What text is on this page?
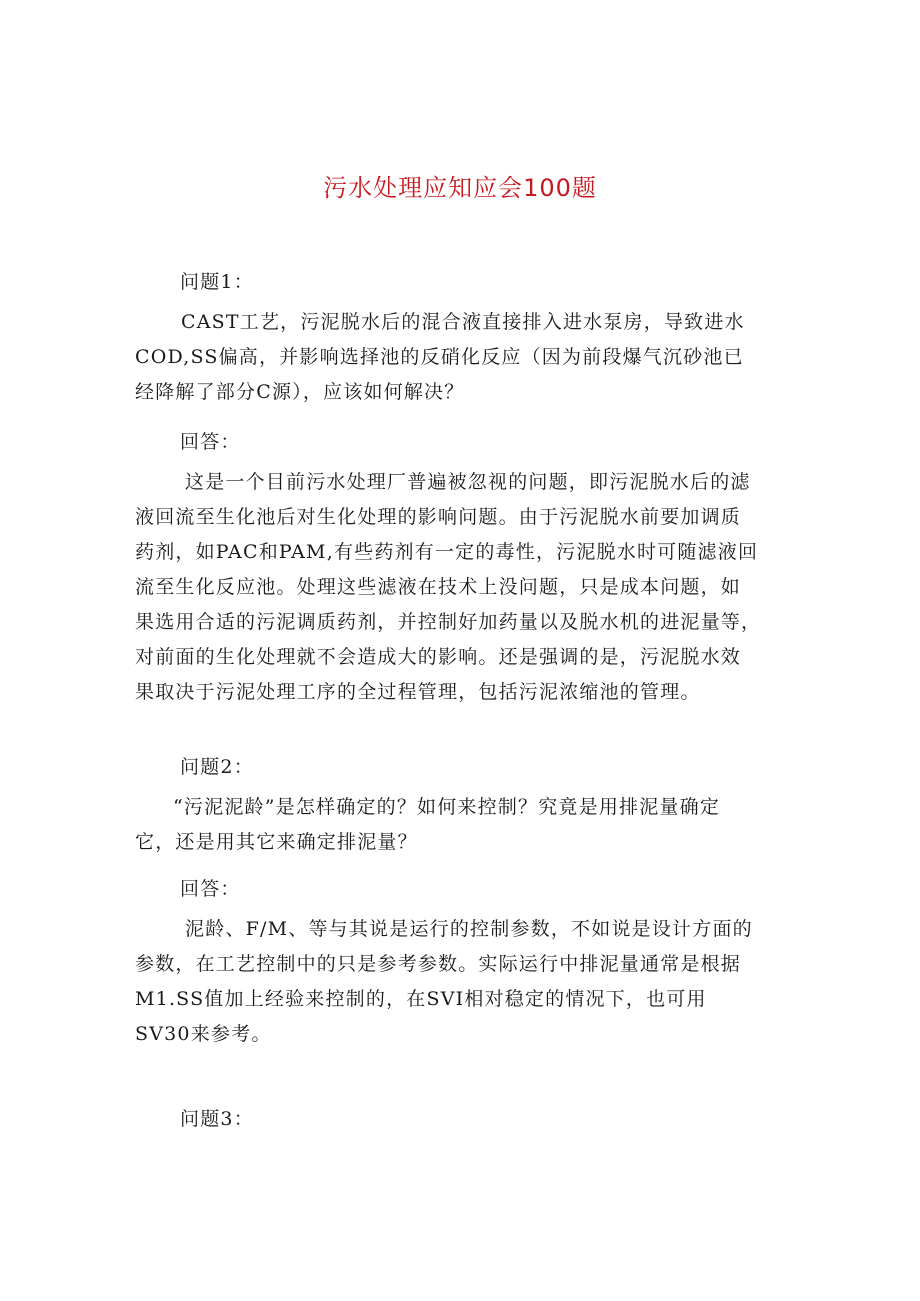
污水处理应知应会100题
问题1：
CAST工艺，污泥脱水后的混合液直接排入进水泵房，导致进水
COD,SS偏高，并影响选择池的反硝化反应（因为前段爆气沉砂池已
经降解了部分C源），应该如何解决？
回答：
这是一个目前污水处理厂普遍被忽视的问题，即污泥脱水后的滤
液回流至生化池后对生化处理的影响问题。由于污泥脱水前要加调质
药剂，如PAC和PAM,有些药剂有一定的毒性，污泥脱水时可随滤液回
流至生化反应池。处理这些滤液在技术上没问题，只是成本问题，如
果选用合适的污泥调质药剂，并控制好加药量以及脱水机的进泥量等，
对前面的生化处理就不会造成大的影响。还是强调的是，污泥脱水效
果取决于污泥处理工序的全过程管理，包括污泥浓缩池的管理。
问题2：
“污泥泥龄”是怎样确定的？如何来控制？究竟是用排泥量确定
它，还是用其它来确定排泥量？
回答：
泥龄、F/M、等与其说是运行的控制参数，不如说是设计方面的
参数，在工艺控制中的只是参考参数。实际运行中排泥量通常是根据
M1.SS值加上经验来控制的，在SVI相对稳定的情况下，也可用
SV30来参考。
问题3：
